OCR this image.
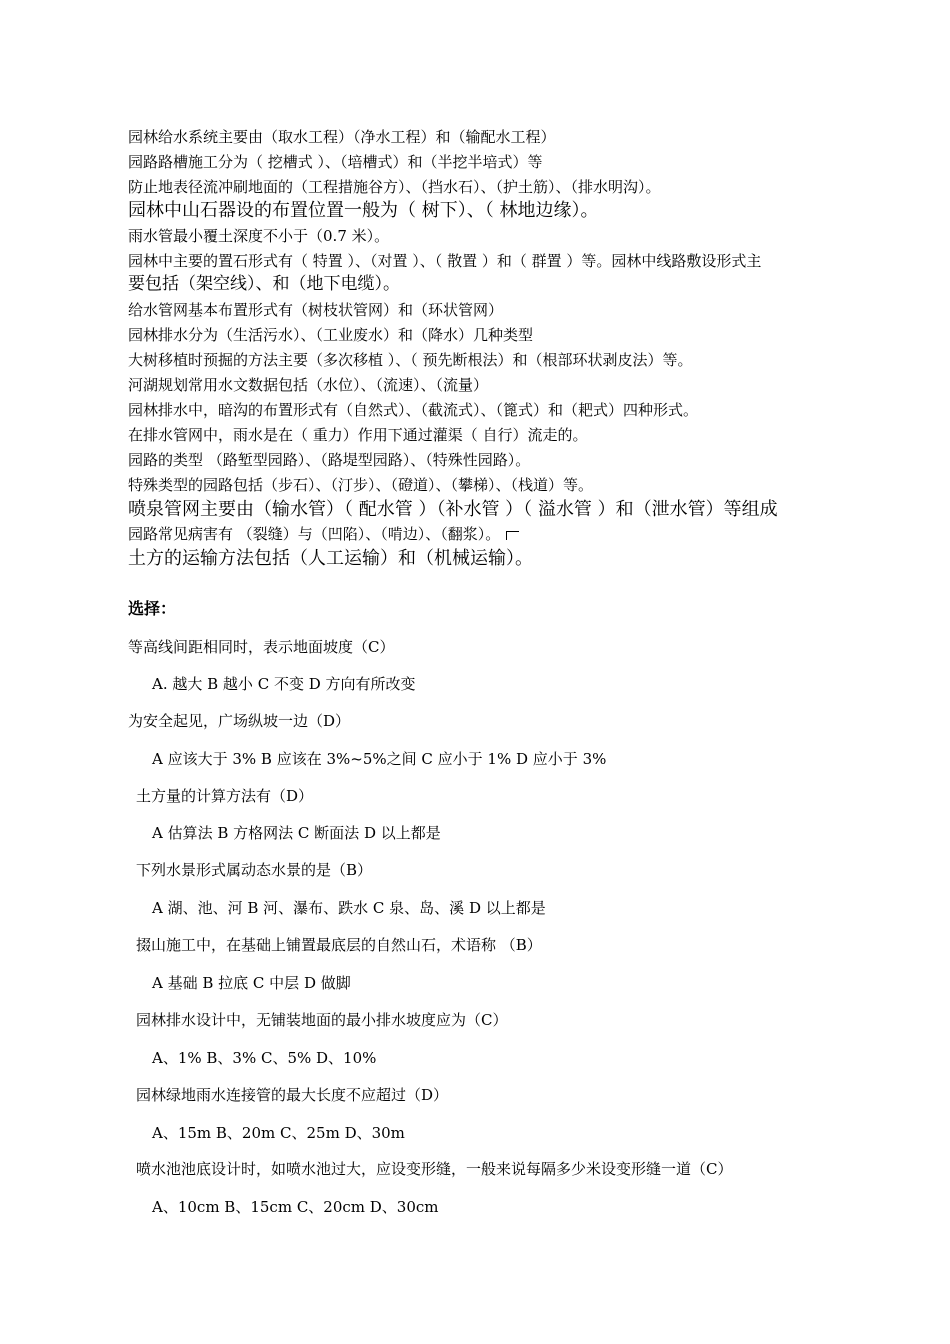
园林给水系统主要由（取水工程）（净水工程）和（输配水工程）
园路路槽施工分为（ 挖槽式 ）、（培槽式）和（半挖半培式）等
防止地表径流冲刷地面的（工程措施谷方）、（挡水石）、（护土筋）、（排水明沟）。
园林中山石器设的布置位置一般为（ 树下）、（ 林地边缘）。
雨水管最小覆土深度不小于（0.7 米）。
园林中主要的置石形式有（ 特置 ）、（对置 ）、（ 散置 ）和（ 群置 ）等。园林中线路敷设形式主
要包括（架空线）、和（地下电缆）。
给水管网基本布置形式有（树枝状管网）和（环状管网）
园林排水分为（生活污水）、（工业废水）和（降水）几种类型
大树移植时预掘的方法主要（多次移植 ）、（ 预先断根法）和（根部环状剥皮法）等。
河湖规划常用水文数据包括（水位）、（流速）、（流量）
园林排水中，暗沟的布置形式有（自然式）、（截流式）、（篦式）和（耙式）四种形式。
在排水管网中，雨水是在（ 重力）作用下通过灌渠（ 自行）流走的。
园路的类型 （路堑型园路）、（路堤型园路）、（特殊性园路）。
特殊类型的园路包括（步石）、（汀步）、（磴道）、（攀梯）、（栈道）等。
喷泉管网主要由（输水管）（ 配水管 ）（补水管 ）（ 溢水管 ）和（泄水管）等组成
园路常见病害有 （裂缝）与（凹陷）、（啃边）、（翻浆）。
土方的运输方法包括（人工运输）和（机械运输）。
选择：
等高线间距相同时，表示地面坡度（C）
A. 越大 B 越小 C 不变 D 方向有所改变
为安全起见，广场纵坡一边（D）
A 应该大于 3% B 应该在 3%~5%之间 C 应小于 1% D 应小于 3%
土方量的计算方法有（D）
A 估算法 B 方格网法 C 断面法 D 以上都是
下列水景形式属动态水景的是（B）
A 湖、池、河 B 河、瀑布、跌水 C 泉、岛、溪 D 以上都是
掇山施工中，在基础上铺置最底层的自然山石，术语称 （B）
A 基础 B 拉底 C 中层 D 做脚
园林排水设计中，无铺装地面的最小排水坡度应为（C）
A、1% B、3% C、5% D、10%
园林绿地雨水连接管的最大长度不应超过（D）
A、15m B、20m C、25m D、30m
喷水池池底设计时，如喷水池过大，应设变形缝，一般来说每隔多少米设变形缝一道（C）
A、10cm B、15cm C、20cm D、30cm
